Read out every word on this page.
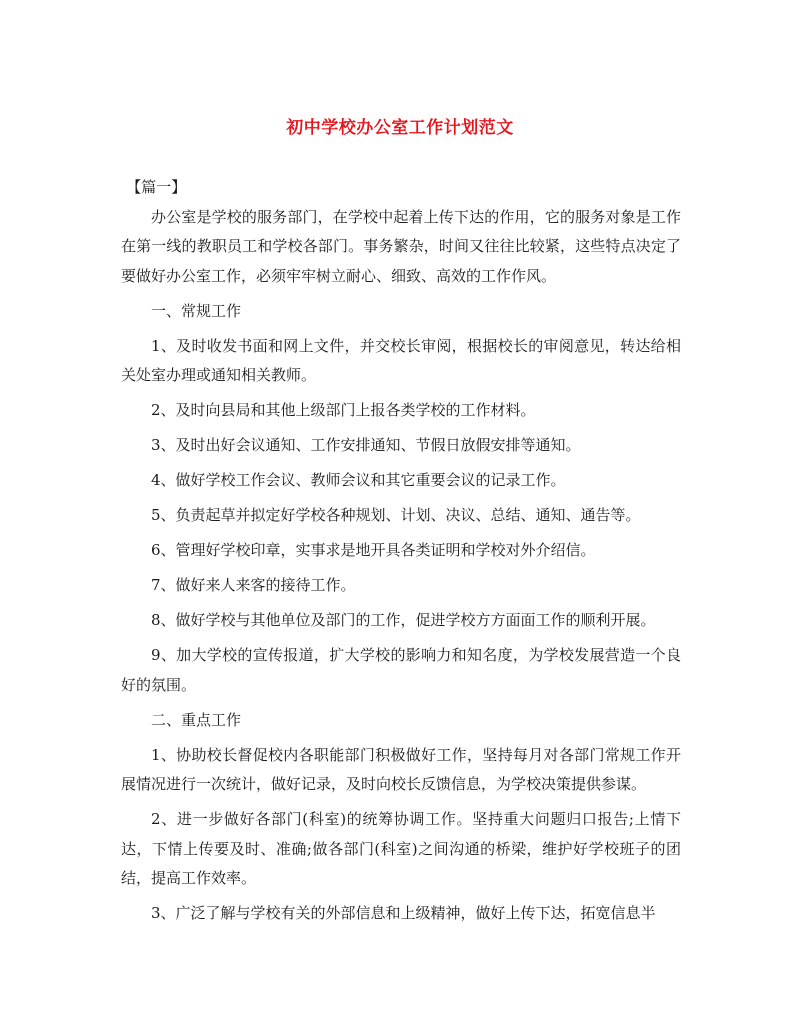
初中学校办公室工作计划范文

【篇一】

办公室是学校的服务部门，在学校中起着上传下达的作用，它的服务对象是工作在第一线的教职员工和学校各部门。事务繁杂，时间又往往比较紧，这些特点决定了要做好办公室工作，必须牢牢树立耐心、细致、高效的工作作风。

一、常规工作

1、及时收发书面和网上文件，并交校长审阅，根据校长的审阅意见，转达给相关处室办理或通知相关教师。

2、及时向县局和其他上级部门上报各类学校的工作材料。

3、及时出好会议通知、工作安排通知、节假日放假安排等通知。

4、做好学校工作会议、教师会议和其它重要会议的记录工作。

5、负责起草并拟定好学校各种规划、计划、决议、总结、通知、通告等。

6、管理好学校印章，实事求是地开具各类证明和学校对外介绍信。

7、做好来人来客的接待工作。

8、做好学校与其他单位及部门的工作，促进学校方方面面工作的顺利开展。

9、加大学校的宣传报道，扩大学校的影响力和知名度，为学校发展营造一个良好的氛围。

二、重点工作

1、协助校长督促校内各职能部门积极做好工作，坚持每月对各部门常规工作开展情况进行一次统计，做好记录，及时向校长反馈信息，为学校决策提供参谋。

2、进一步做好各部门(科室)的统筹协调工作。坚持重大问题归口报告;上情下达，下情上传要及时、准确;做各部门(科室)之间沟通的桥梁，维护好学校班子的团结，提高工作效率。

3、广泛了解与学校有关的外部信息和上级精神，做好上传下达，拓宽信息半
